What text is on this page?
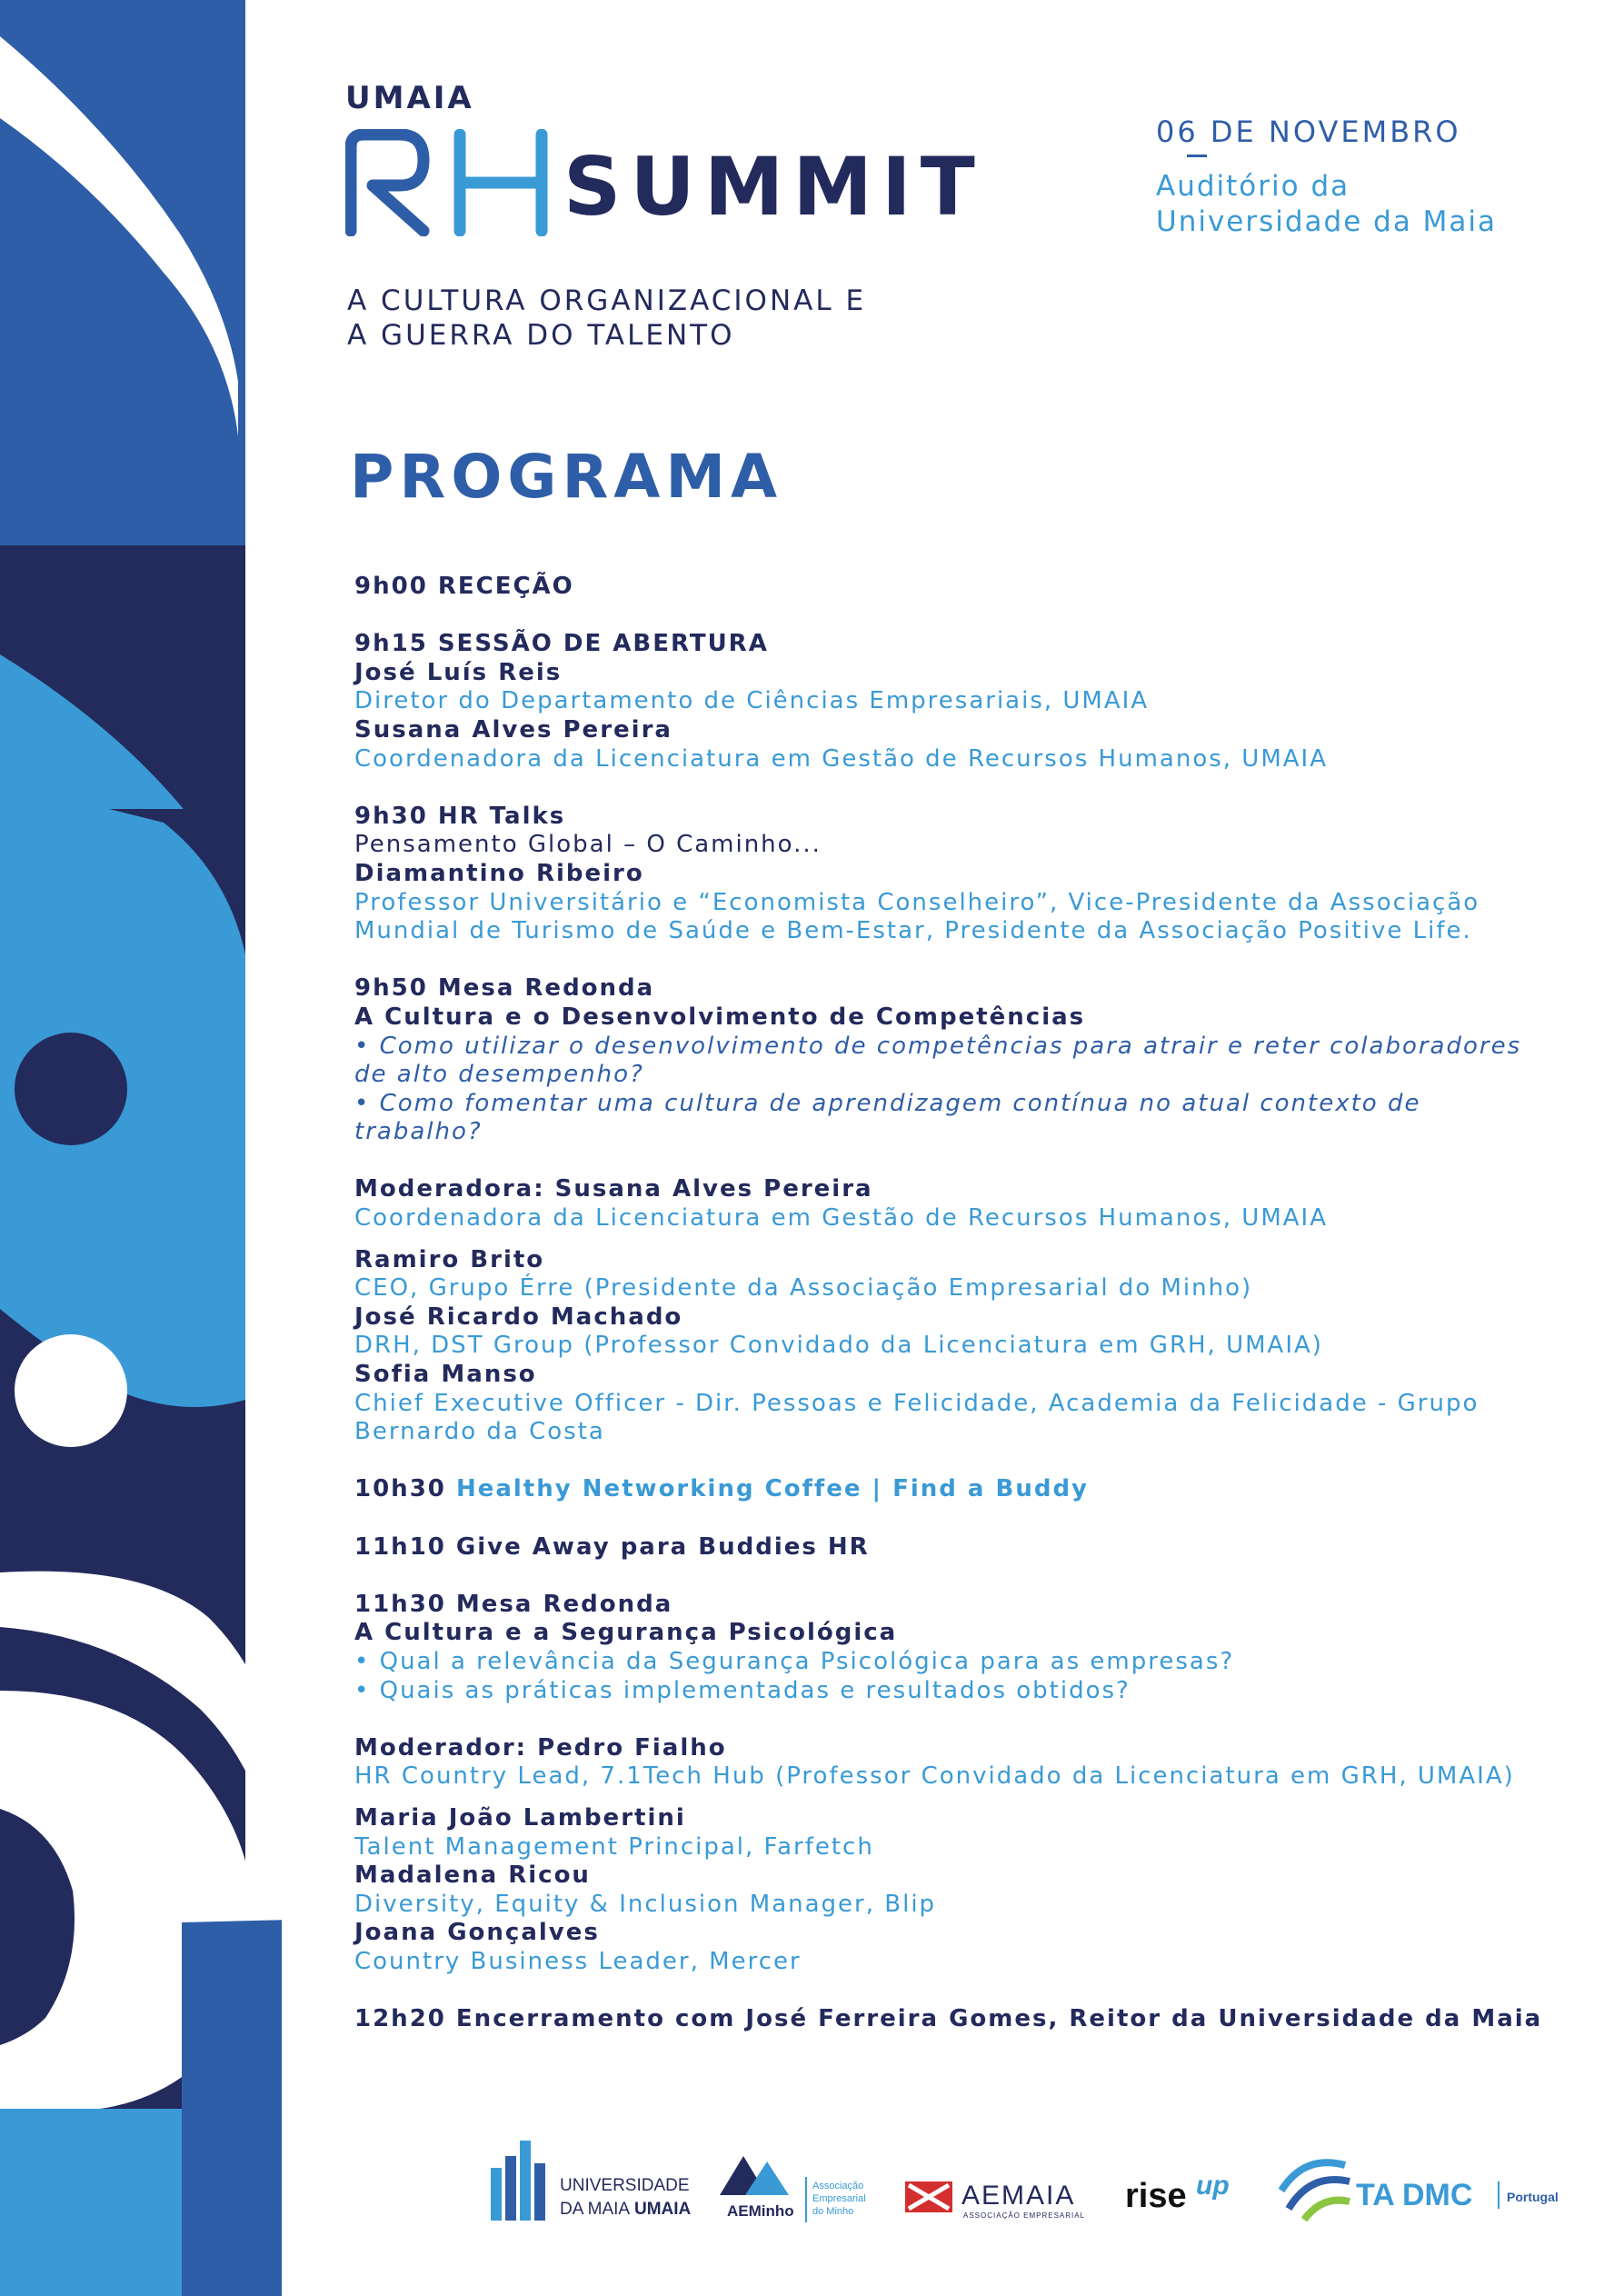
UMAIA
SUMMIT
A CULTURA ORGANIZACIONAL E
A GUERRA DO TALENTO
06 DE NOVEMBRO
Auditório da
Universidade da Maia
PROGRAMA
9h00 RECEÇÃO
9h15 SESSÃO DE ABERTURA
José Luís Reis
Diretor do Departamento de Ciências Empresariais, UMAIA
Susana Alves Pereira
Coordenadora da Licenciatura em Gestão de Recursos Humanos, UMAIA
9h30 HR Talks
Pensamento Global – O Caminho...
Diamantino Ribeiro
Professor Universitário e “Economista Conselheiro”, Vice-Presidente da Associação
Mundial de Turismo de Saúde e Bem-Estar, Presidente da Associação Positive Life.
9h50 Mesa Redonda
A Cultura e o Desenvolvimento de Competências
• Como utilizar o desenvolvimento de competências para atrair e reter colaboradores
de alto desempenho?
• Como fomentar uma cultura de aprendizagem contínua no atual contexto de
trabalho?
Moderadora: Susana Alves Pereira
Coordenadora da Licenciatura em Gestão de Recursos Humanos, UMAIA
Ramiro Brito
CEO, Grupo Érre (Presidente da Associação Empresarial do Minho)
José Ricardo Machado
DRH, DST Group (Professor Convidado da Licenciatura em GRH, UMAIA)
Sofia Manso
Chief Executive Officer - Dir. Pessoas e Felicidade, Academia da Felicidade - Grupo
Bernardo da Costa
10h30 Healthy Networking Coffee | Find a Buddy
11h10 Give Away para Buddies HR
11h30 Mesa Redonda
A Cultura e a Segurança Psicológica
• Qual a relevância da Segurança Psicológica para as empresas?
• Quais as práticas implementadas e resultados obtidos?
Moderador: Pedro Fialho
HR Country Lead, 7.1Tech Hub (Professor Convidado da Licenciatura em GRH, UMAIA)
Maria João Lambertini
Talent Management Principal, Farfetch
Madalena Ricou
Diversity, Equity & Inclusion Manager, Blip
Joana Gonçalves
Country Business Leader, Mercer
12h20 Encerramento com José Ferreira Gomes, Reitor da Universidade da Maia
UNIVERSIDADE
DA MAIA UMAIA AEMinho
Associação
Empresarial
do Minho
AEMAIA
ASSOCIAÇÃO EMPRESARIAL
rise up	TA DMC	Portugal
